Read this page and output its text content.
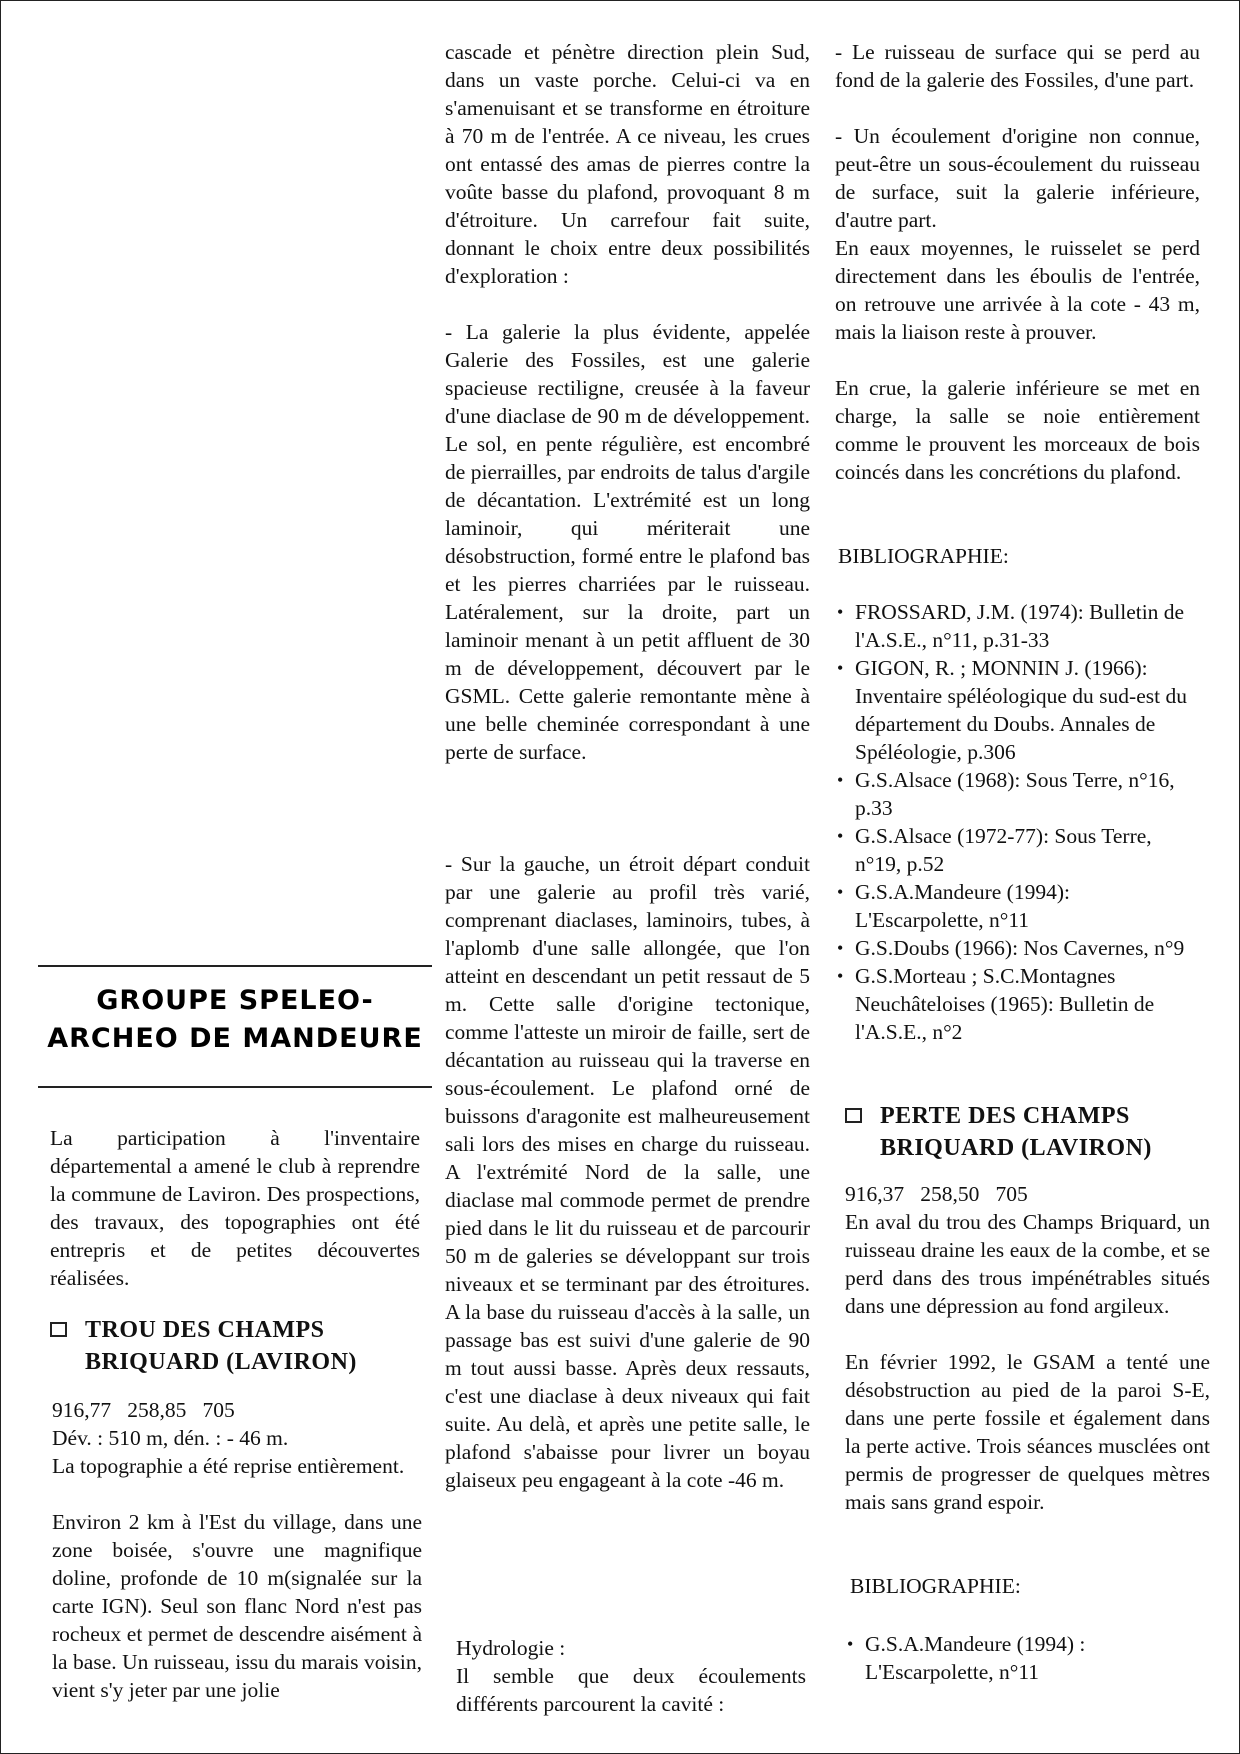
GROUPE SPELEO-
ARCHEO DE MANDEURE

La participation à l'inventaire départemental a amené le club à reprendre la commune de Laviron. Des prospections, des travaux, des topographies ont été entrepris et de petites découvertes réalisées.

TROU DES CHAMPS
BRIQUARD (LAVIRON)

916,77   258,85   705

Dév. : 510 m, dén. : - 46 m.

La topographie a été reprise entièrement.

Environ 2 km à l'Est du village, dans une zone boisée, s'ouvre une magnifique doline, profonde de 10 m(signalée sur la carte IGN). Seul son flanc Nord n'est pas rocheux et permet de descendre aisément à la base. Un ruisseau, issu du marais voisin, vient s'y jeter par une jolie

cascade et pénètre direction plein Sud, dans un vaste porche. Celui-ci va en s'amenuisant et se transforme en étroiture à 70 m de l'entrée. A ce niveau, les crues ont entassé des amas de pierres contre la voûte basse du plafond, provoquant 8 m d'étroiture. Un carrefour fait suite, donnant le choix entre deux possibilités d'exploration :

- La galerie la plus évidente, appelée Galerie des Fossiles, est une galerie spacieuse rectiligne, creusée à la faveur d'une diaclase de 90 m de développement. Le sol, en pente régulière, est encombré de pierrailles, par endroits de talus d'argile de décantation. L'extrémité est un long laminoir, qui mériterait une désobstruction, formé entre le plafond bas et les pierres charriées par le ruisseau. Latéralement, sur la droite, part un laminoir menant à un petit affluent de 30 m de développement, découvert par le GSML. Cette galerie remontante mène à une belle cheminée correspondant à une perte de surface.

- Sur la gauche, un étroit départ conduit par une galerie au profil très varié, comprenant diaclases, laminoirs, tubes, à l'aplomb d'une salle allongée, que l'on atteint en descendant un petit ressaut de 5 m. Cette salle d'origine tectonique, comme l'atteste un miroir de faille, sert de décantation au ruisseau qui la traverse en sous-écoulement. Le plafond orné de buissons d'aragonite est malheureusement sali lors des mises en charge du ruisseau. A l'extrémité Nord de la salle, une diaclase mal commode permet de prendre pied dans le lit du ruisseau et de parcourir 50 m de galeries se développant sur trois niveaux et se terminant par des étroitures. A la base du ruisseau d'accès à la salle, un passage bas est suivi d'une galerie de 90 m tout aussi basse. Après deux ressauts, c'est une diaclase à deux niveaux qui fait suite. Au delà, et après une petite salle, le plafond s'abaisse pour livrer un boyau glaiseux peu engageant à la cote -46 m.

Hydrologie :

Il semble que deux écoulements différents parcourent la cavité :

- Le ruisseau de surface qui se perd au fond de la galerie des Fossiles, d'une part.

- Un écoulement d'origine non connue, peut-être un sous-écoulement du ruisseau de surface, suit la galerie inférieure, d'autre part.

En eaux moyennes, le ruisselet se perd directement dans les éboulis de l'entrée, on retrouve une arrivée à la cote - 43 m, mais la liaison reste à prouver.

En crue, la galerie inférieure se met en charge, la salle se noie entièrement comme le prouvent les morceaux de bois coincés dans les concrétions du plafond.

BIBLIOGRAPHIE:

• FROSSARD, J.M. (1974): Bulletin de l'A.S.E., n°11, p.31-33
• GIGON, R. ; MONNIN J. (1966): Inventaire spéléologique du sud-est du département du Doubs. Annales de Spéléologie, p.306
• G.S.Alsace (1968): Sous Terre, n°16, p.33
• G.S.Alsace (1972-77): Sous Terre, n°19, p.52
• G.S.A.Mandeure (1994): L'Escarpolette, n°11
• G.S.Doubs (1966): Nos Cavernes, n°9
• G.S.Morteau ; S.C.Montagnes Neuchâteloises (1965): Bulletin de l'A.S.E., n°2
PERTE DES CHAMPS
BRIQUARD (LAVIRON)

916,37   258,50   705

En aval du trou des Champs Briquard, un ruisseau draine les eaux de la combe, et se perd dans des trous impénétrables situés dans une dépression au fond argileux.

En février 1992, le GSAM a tenté une désobstruction au pied de la paroi S-E, dans une perte fossile et également dans la perte active. Trois séances musclées ont permis de progresser de quelques mètres mais sans grand espoir.

BIBLIOGRAPHIE:

• G.S.A.Mandeure (1994) : L'Escarpolette, n°11
